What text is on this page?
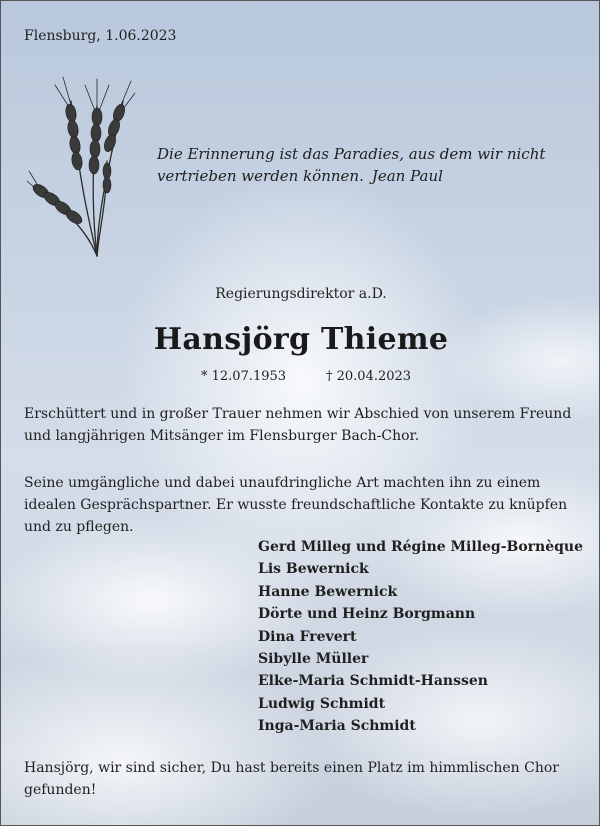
Flensburg, 1.06.2023
Die Erinnerung ist das Paradies, aus dem wir nicht vertrieben werden können. Jean Paul
Regierungsdirektor a.D.
Hansjörg Thieme
* 12.07.1953	† 20.04.2023
Erschüttert und in großer Trauer nehmen wir Abschied von unserem Freund und langjährigen Mitsänger im Flensburger Bach-Chor.
Seine umgängliche und dabei unaufdringliche Art machten ihn zu einem idealen Gesprächspartner. Er wusste freundschaftliche Kontakte zu knüpfen und zu pflegen.
Gerd Milleg und Régine Milleg-Bornèque
Lis Bewernick
Hanne Bewernick
Dörte und Heinz Borgmann
Dina Frevert
Sibylle Müller
Elke-Maria Schmidt-Hanssen
Ludwig Schmidt
Inga-Maria Schmidt
Hansjörg, wir sind sicher, Du hast bereits einen Platz im himmlischen Chor gefunden!
